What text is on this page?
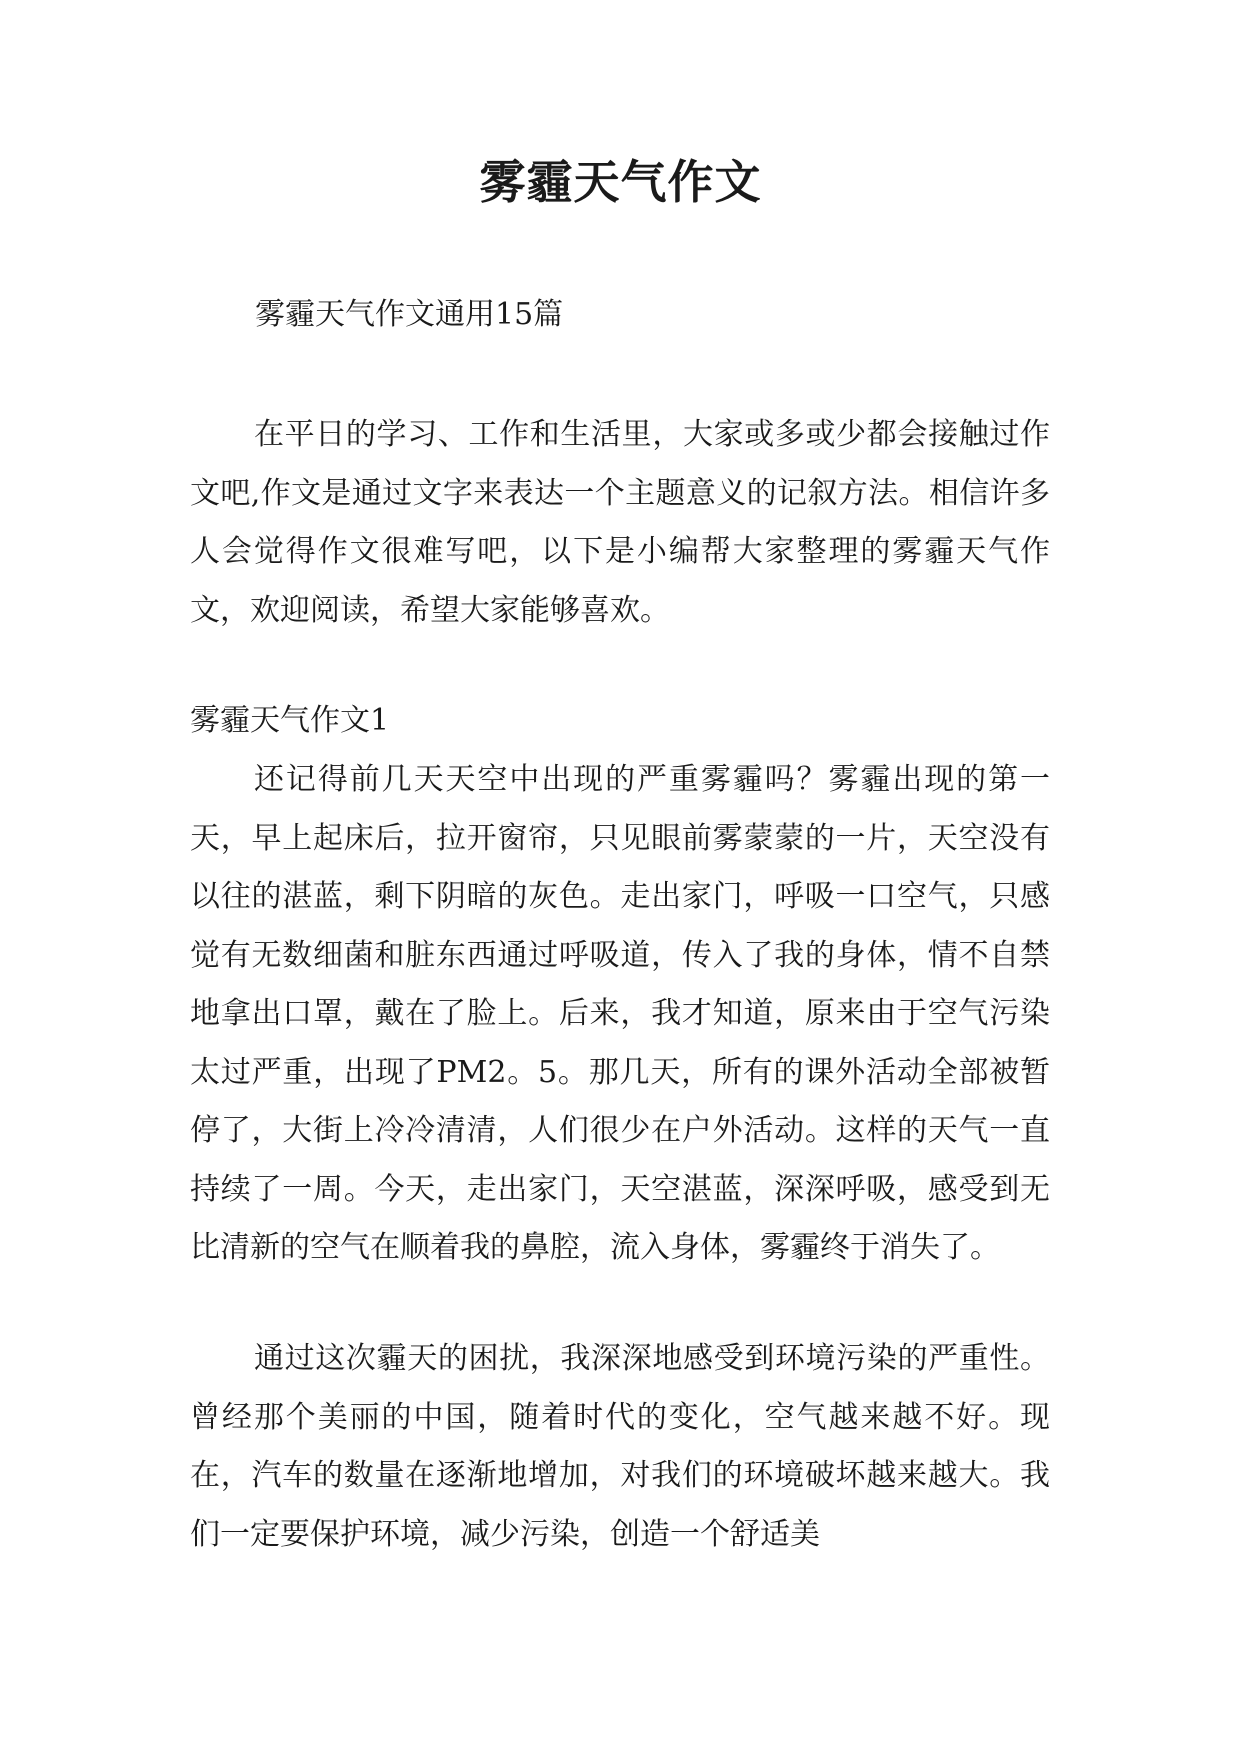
雾霾天气作文

雾霾天气作文通用15篇

在平日的学习、工作和生活里，大家或多或少都会接触过作文吧,作文是通过文字来表达一个主题意义的记叙方法。相信许多人会觉得作文很难写吧，以下是小编帮大家整理的雾霾天气作文，欢迎阅读，希望大家能够喜欢。

雾霾天气作文1

还记得前几天天空中出现的严重雾霾吗？雾霾出现的第一天，早上起床后，拉开窗帘，只见眼前雾蒙蒙的一片，天空没有以往的湛蓝，剩下阴暗的灰色。走出家门，呼吸一口空气，只感觉有无数细菌和脏东西通过呼吸道，传入了我的身体，情不自禁地拿出口罩，戴在了脸上。后来，我才知道，原来由于空气污染太过严重，出现了PM2。5。那几天，所有的课外活动全部被暂停了，大街上冷冷清清，人们很少在户外活动。这样的天气一直持续了一周。今天，走出家门，天空湛蓝，深深呼吸，感受到无比清新的空气在顺着我的鼻腔，流入身体，雾霾终于消失了。

通过这次霾天的困扰，我深深地感受到环境污染的严重性。曾经那个美丽的中国，随着时代的变化，空气越来越不好。现在，汽车的数量在逐渐地增加，对我们的环境破坏越来越大。我们一定要保护环境，减少污染，创造一个舒适美
